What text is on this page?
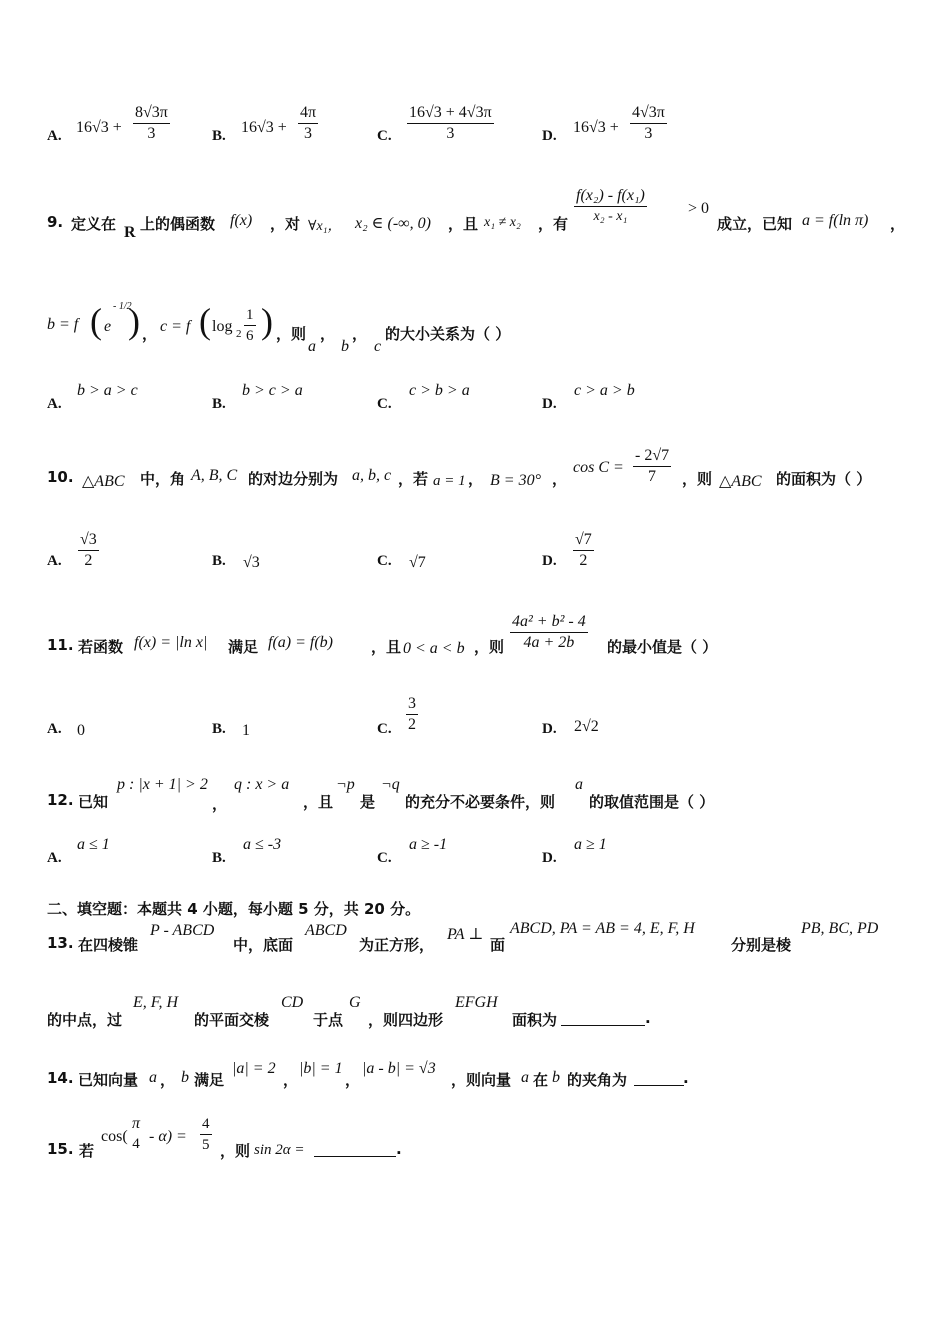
A. $16√3 + \frac{8√3\pi}{3}$	B. $16√3 + \frac{4\pi}{3}$	C. $\frac{16√3 + 4√3\pi}{3}$	D. $16√3 + \frac{4√3\pi}{3}$
9. 定义在 R 上的偶函数 f(x) ，对 ∀x₁， x₂ ∈ (-∞, 0) ，且 x₁ ≠ x₂ ，有 $\frac{\text{f(x₂) - f(x₁)}}{\text{x₂ - x₁}}$	> 0
成立，已知 a = f(ln π) ，
b = f ( e
- 1/2
) ， c = f ( $\log 2 \frac{1}{6}$ ) ，则
a
，
b
，
c
的大小关系为（ ）
A.
b > a > c
B.
b > c > a
C.
c > b > a
D.
c > a > b
10. △ABC 中，角 A, B, C 的对边分别为 a, b, c ，若 a = 1 ， B = 30° ，
$\cos C = \frac{- 2√7}{7}$ ，则 △ABC 的面积为（ ）
A. $\frac{√3}{2}$	B. √3	C. √7	D. $\frac{√7}{2}$
11. 若函数 f(x) = |ln x| 满足 f(a) = f(b)	，且 0 < a < b ，则 $\frac{\text{4a² + b² - 4}}{4a + 2b}$ 的最小值是（ ）
A. 0	B. 1	C. $\frac{3}{2}$	D. 2√2
12. 已知
p : |x + 1| > 2
，
q : x > a
，且
¬p
是
¬q
的充分不必要条件，则
a
的取值范围是（ ）
A.
a ≤ 1
B.
a ≤ -3
C.
a ≥ -1
D.
a ≥ 1
二、填空题：本题共 4 小题，每小题 5 分，共 20 分。
13. 在四棱锥
P - ABCD
中，底面
ABCD
为正方形，
PA ⊥
面
ABCD, PA = AB = 4, E, F, H
分别是棱
PB, BC, PD
的中点，过
E, F, H
的平面交棱
CD
于点
G
，则四边形
EFGH
面积为	.
14. 已知向量 a ， b 满足
|a| = 2
，
|b| = 1
，
|a - b| = √3
，则向量 a 在 b 的夹角为	.
15. 若
cos(
π
$4 - \alpha) = \frac{4}{5}$ ，则 sin 2α =	.
